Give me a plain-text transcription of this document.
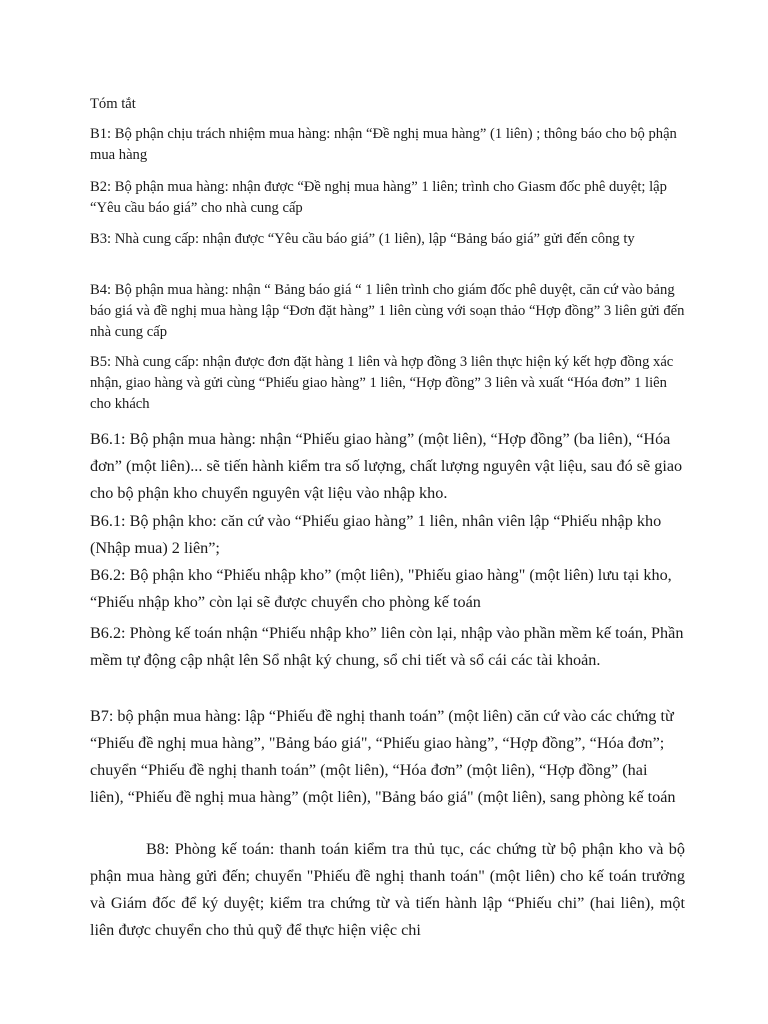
Tóm tắt

B1: Bộ phận chịu trách nhiệm mua hàng: nhận “Đề nghị mua hàng” (1 liên) ; thông báo cho bộ phận mua hàng

B2: Bộ phận mua hàng: nhận được “Đề nghị mua hàng” 1 liên; trình cho Giasm đốc phê duyệt; lập “Yêu cầu báo giá” cho nhà cung cấp

B3: Nhà cung cấp: nhận được “Yêu cầu báo giá” (1 liên), lập “Bảng báo giá” gửi đến công ty

B4: Bộ phận mua hàng: nhận “ Bảng báo giá “ 1 liên trình cho giám đốc phê duyệt, căn cứ vào bảng báo giá và đề nghị mua hàng lập “Đơn đặt hàng” 1 liên cùng với soạn thảo “Hợp đồng” 3 liên gửi đến nhà cung cấp

B5: Nhà cung cấp: nhận được đơn đặt hàng 1 liên và hợp đồng 3 liên thực hiện ký kết hợp đồng xác nhận, giao hàng và gửi cùng “Phiếu giao hàng” 1 liên, “Hợp đồng” 3 liên và xuất “Hóa đơn” 1 liên cho khách

B6.1: Bộ phận mua hàng: nhận “Phiếu giao hàng” (một liên), “Hợp đồng” (ba liên), “Hóa đơn” (một liên)... sẽ tiến hành kiểm tra số lượng, chất lượng nguyên vật liệu, sau đó sẽ giao cho bộ phận kho chuyển nguyên vật liệu vào nhập kho.

B6.1: Bộ phận kho: căn cứ vào “Phiếu giao hàng” 1 liên, nhân viên lập “Phiếu nhập kho (Nhập mua) 2 liên”;

B6.2: Bộ phận kho “Phiếu nhập kho” (một liên), "Phiếu giao hàng" (một liên) lưu tại kho, “Phiếu nhập kho” còn lại sẽ được chuyển cho phòng kế toán

B6.2: Phòng kế toán nhận “Phiếu nhập kho” liên còn lại, nhập vào phần mềm kế toán, Phần mềm tự động cập nhật lên Sổ nhật ký chung, sổ chi tiết và sổ cái các tài khoản.

B7: bộ phận mua hàng: lập “Phiếu đề nghị thanh toán” (một liên) căn cứ vào các chứng từ “Phiếu đề nghị mua hàng”, "Bảng báo giá", “Phiếu giao hàng”, “Hợp đồng”, “Hóa đơn”; chuyển “Phiếu đề nghị thanh toán” (một liên), “Hóa đơn” (một liên), “Hợp đồng” (hai liên), “Phiếu đề nghị mua hàng” (một liên), "Bảng báo giá" (một liên), sang phòng kế toán

B8: Phòng kế toán: thanh toán kiểm tra thủ tục, các chứng từ bộ phận kho và bộ phận mua hàng gửi đến; chuyển "Phiếu đề nghị thanh toán" (một liên) cho kế toán trưởng và Giám đốc để ký duyệt; kiểm tra chứng từ và tiến hành lập “Phiếu chi” (hai liên), một liên được chuyển cho thủ quỹ để thực hiện việc chi
